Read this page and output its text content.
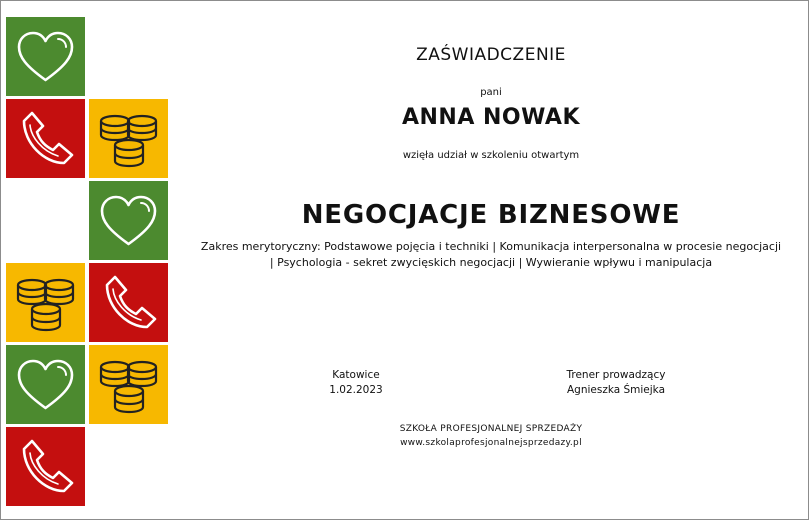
ZAŚWIADCZENIE
pani
ANNA NOWAK
wzięła udział w szkoleniu otwartym
NEGOCJACJE BIZNESOWE
Zakres merytoryczny: Podstawowe pojęcia i techniki | Komunikacja interpersonalna w procesie negocjacji
| Psychologia - sekret zwycięskich negocjacji | Wywieranie wpływu i manipulacja
Katowice
1.02.2023
Trener prowadzący
Agnieszka Śmiejka
SZKOŁA PROFESJONALNEJ SPRZEDAŻY
www.szkolaprofesjonalnejsprzedazy.pl
